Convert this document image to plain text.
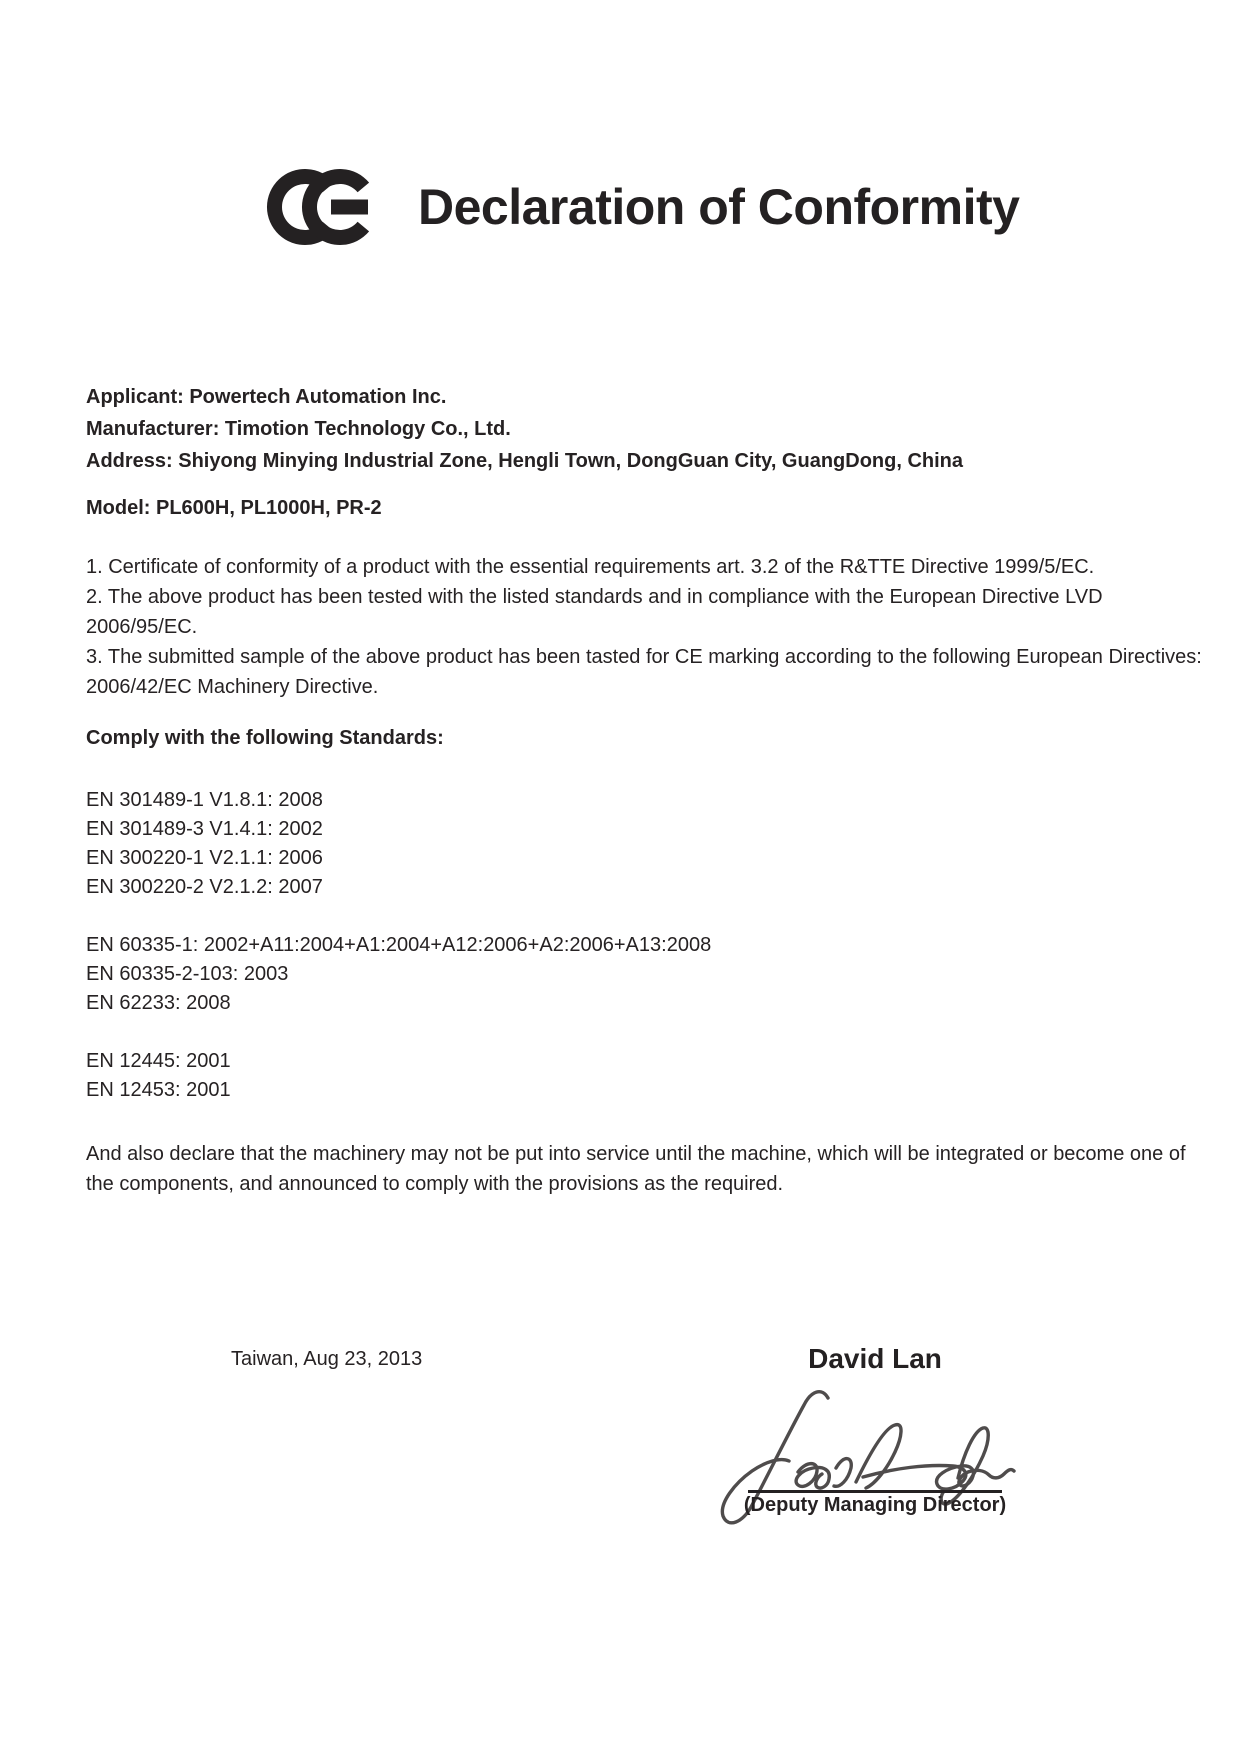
Declaration of Conformity
Applicant: Powertech Automation Inc.
Manufacturer: Timotion Technology Co., Ltd.
Address: Shiyong Minying Industrial Zone, Hengli Town, DongGuan City, GuangDong, China
Model: PL600H, PL1000H, PR-2
1. Certificate of conformity of a product with the essential requirements art. 3.2 of the R&TTE Directive 1999/5/EC.
2. The above product has been tested with the listed standards and in compliance with the European Directive LVD
2006/95/EC.
3. The submitted sample of the above product has been tasted for CE marking according to the following European Directives:
2006/42/EC Machinery Directive.
Comply with the following Standards:
EN 301489-1 V1.8.1: 2008
EN 301489-3 V1.4.1: 2002
EN 300220-1 V2.1.1: 2006
EN 300220-2 V2.1.2: 2007
EN 60335-1: 2002+A11:2004+A1:2004+A12:2006+A2:2006+A13:2008
EN 60335-2-103: 2003
EN 62233: 2008
EN 12445: 2001
EN 12453: 2001
And also declare that the machinery may not be put into service until the machine, which will be integrated or become one of
the components, and announced to comply with the provisions as the required.
Taiwan, Aug 23, 2013	David Lan
(Deputy Managing Director)
